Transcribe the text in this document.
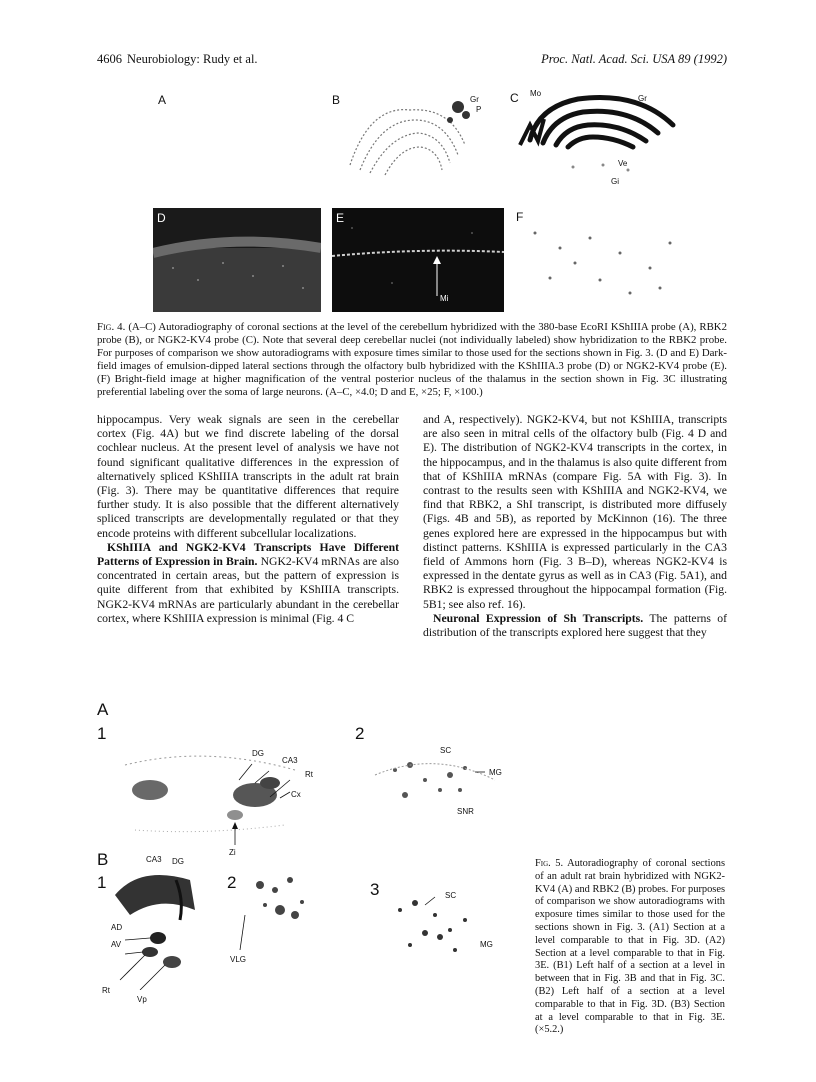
4606 Neurobiology: Rudy et al.	Proc. Natl. Acad. Sci. USA 89 (1992)
A	B	Gr
P
C Mo
Gr
Ve
Gi
D	E
Mi
F
Fig. 4. (A–C) Autoradiography of coronal sections at the level of the cerebellum hybridized with the 380-base EcoRI KShIIIA probe (A), RBK2 probe (B), or NGK2-KV4 probe (C). Note that several deep cerebellar nuclei (not individually labeled) show hybridization to the RBK2 probe. For purposes of comparison we show autoradiograms with exposure times similar to those used for the sections shown in Fig. 3. (D and E) Dark-field images of emulsion-dipped lateral sections through the olfactory bulb hybridized with the KShIIIA.3 probe (D) or NGK2-KV4 probe (E). (F) Bright-field image at higher magnification of the ventral posterior nucleus of the thalamus in the section shown in Fig. 3C illustrating preferential labeling over the soma of large neurons. (A–C, ×4.0; D and E, ×25; F, ×100.)

hippocampus. Very weak signals are seen in the cerebellar cortex (Fig. 4A) but we find discrete labeling of the dorsal cochlear nucleus. At the present level of analysis we have not found significant qualitative differences in the expression of alternatively spliced KShIIIA transcripts in the adult rat brain (Fig. 3). There may be quantitative differences that require further study. It is also possible that the different alternatively spliced transcripts are developmentally regulated or that they encode proteins with different subcellular localizations.

KShIIIA and NGK2-KV4 Transcripts Have Different Patterns of Expression in Brain. NGK2-KV4 mRNAs are also concentrated in certain areas, but the pattern of expression is quite different from that exhibited by KShIIIA transcripts. NGK2-KV4 mRNAs are particularly abundant in the cerebellar cortex, where KShIIIA expression is minimal (Fig. 4 C

and A, respectively). NGK2-KV4, but not KShIIIA, transcripts are also seen in mitral cells of the olfactory bulb (Fig. 4 D and E). The distribution of NGK2-KV4 transcripts in the cortex, in the hippocampus, and in the thalamus is also quite different from that of KShIIIA mRNAs (compare Fig. 5A with Fig. 3). In contrast to the results seen with KShIIIA and NGK2-KV4, we find that RBK2, a ShI transcript, is distributed more diffusely (Figs. 4B and 5B), as reported by McKinnon (16). The three genes explored here are expressed in the hippocampus but with distinct patterns. KShIIIA is expressed particularly in the CA3 field of Ammons horn (Fig. 3 B–D), whereas NGK2-KV4 is expressed in the dentate gyrus as well as in CA3 (Fig. 5A1), and RBK2 is expressed throughout the hippocampal formation (Fig. 5B1; see also ref. 16).

Neuronal Expression of Sh Transcripts. The patterns of distribution of the transcripts explored here suggest that they

A
B
1
DG
CA3
Rt
Cx
Zi
2
SC
MG
SNR
1
CA3 DG
AD
AV
Rt
Vp
2
VLG
3	SC
MG
Fig. 5. Autoradiography of coronal sections of an adult rat brain hybridized with NGK2-KV4 (A) and RBK2 (B) probes. For purposes of comparison we show autoradiograms with exposure times similar to those used for the sections shown in Fig. 3. (A1) Section at a level comparable to that in Fig. 3D. (A2) Section at a level comparable to that in Fig. 3E. (B1) Left half of a section at a level in between that in Fig. 3B and that in Fig. 3C. (B2) Left half of a section at a level comparable to that in Fig. 3D. (B3) Section at a level comparable to that in Fig. 3E. (×5.2.)
